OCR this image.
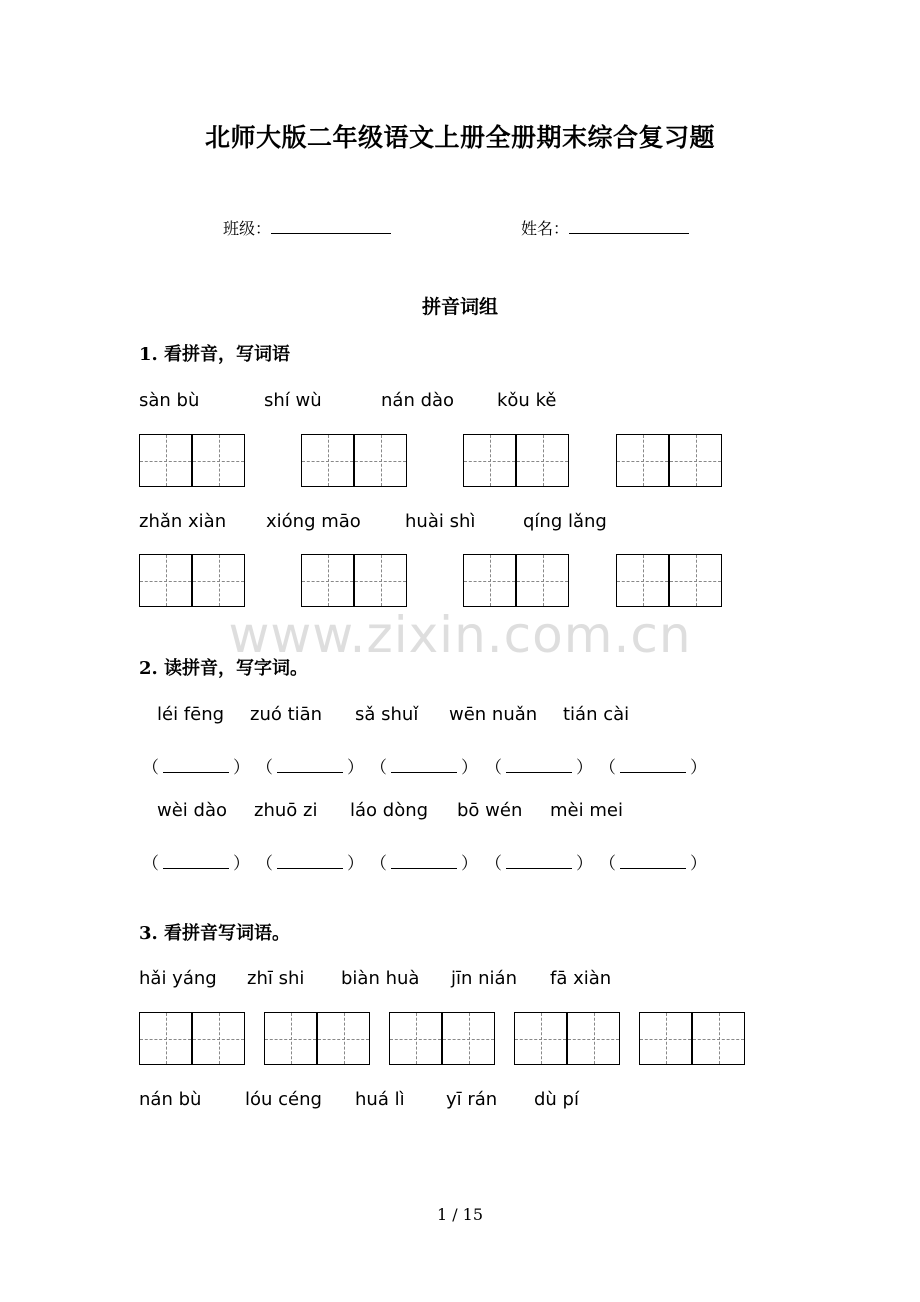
北师大版二年级语文上册全册期末综合复习题
班级：	姓名：
拼音词组
1. 看拼音，写词语
sàn bù	shí wù	nán dào kǒu kě
zhǎn xiàn xióng māo huài shì	qíng lǎng
www.zixin.com.cn
2. 读拼音，写字词。
léi fēng zuó tiān sǎ shuǐ wēn nuǎn tián cài
（	） （	） （	） （	） （	）
wèi dào zhuō zi láo dòng bō wén mèi mei
（	） （	） （	） （	） （	）
3. 看拼音写词语。
hǎi yáng zhī shi biàn huà jīn nián fā xiàn
nán bù lóu céng huá lì yī rán dù pí
1 / 15
